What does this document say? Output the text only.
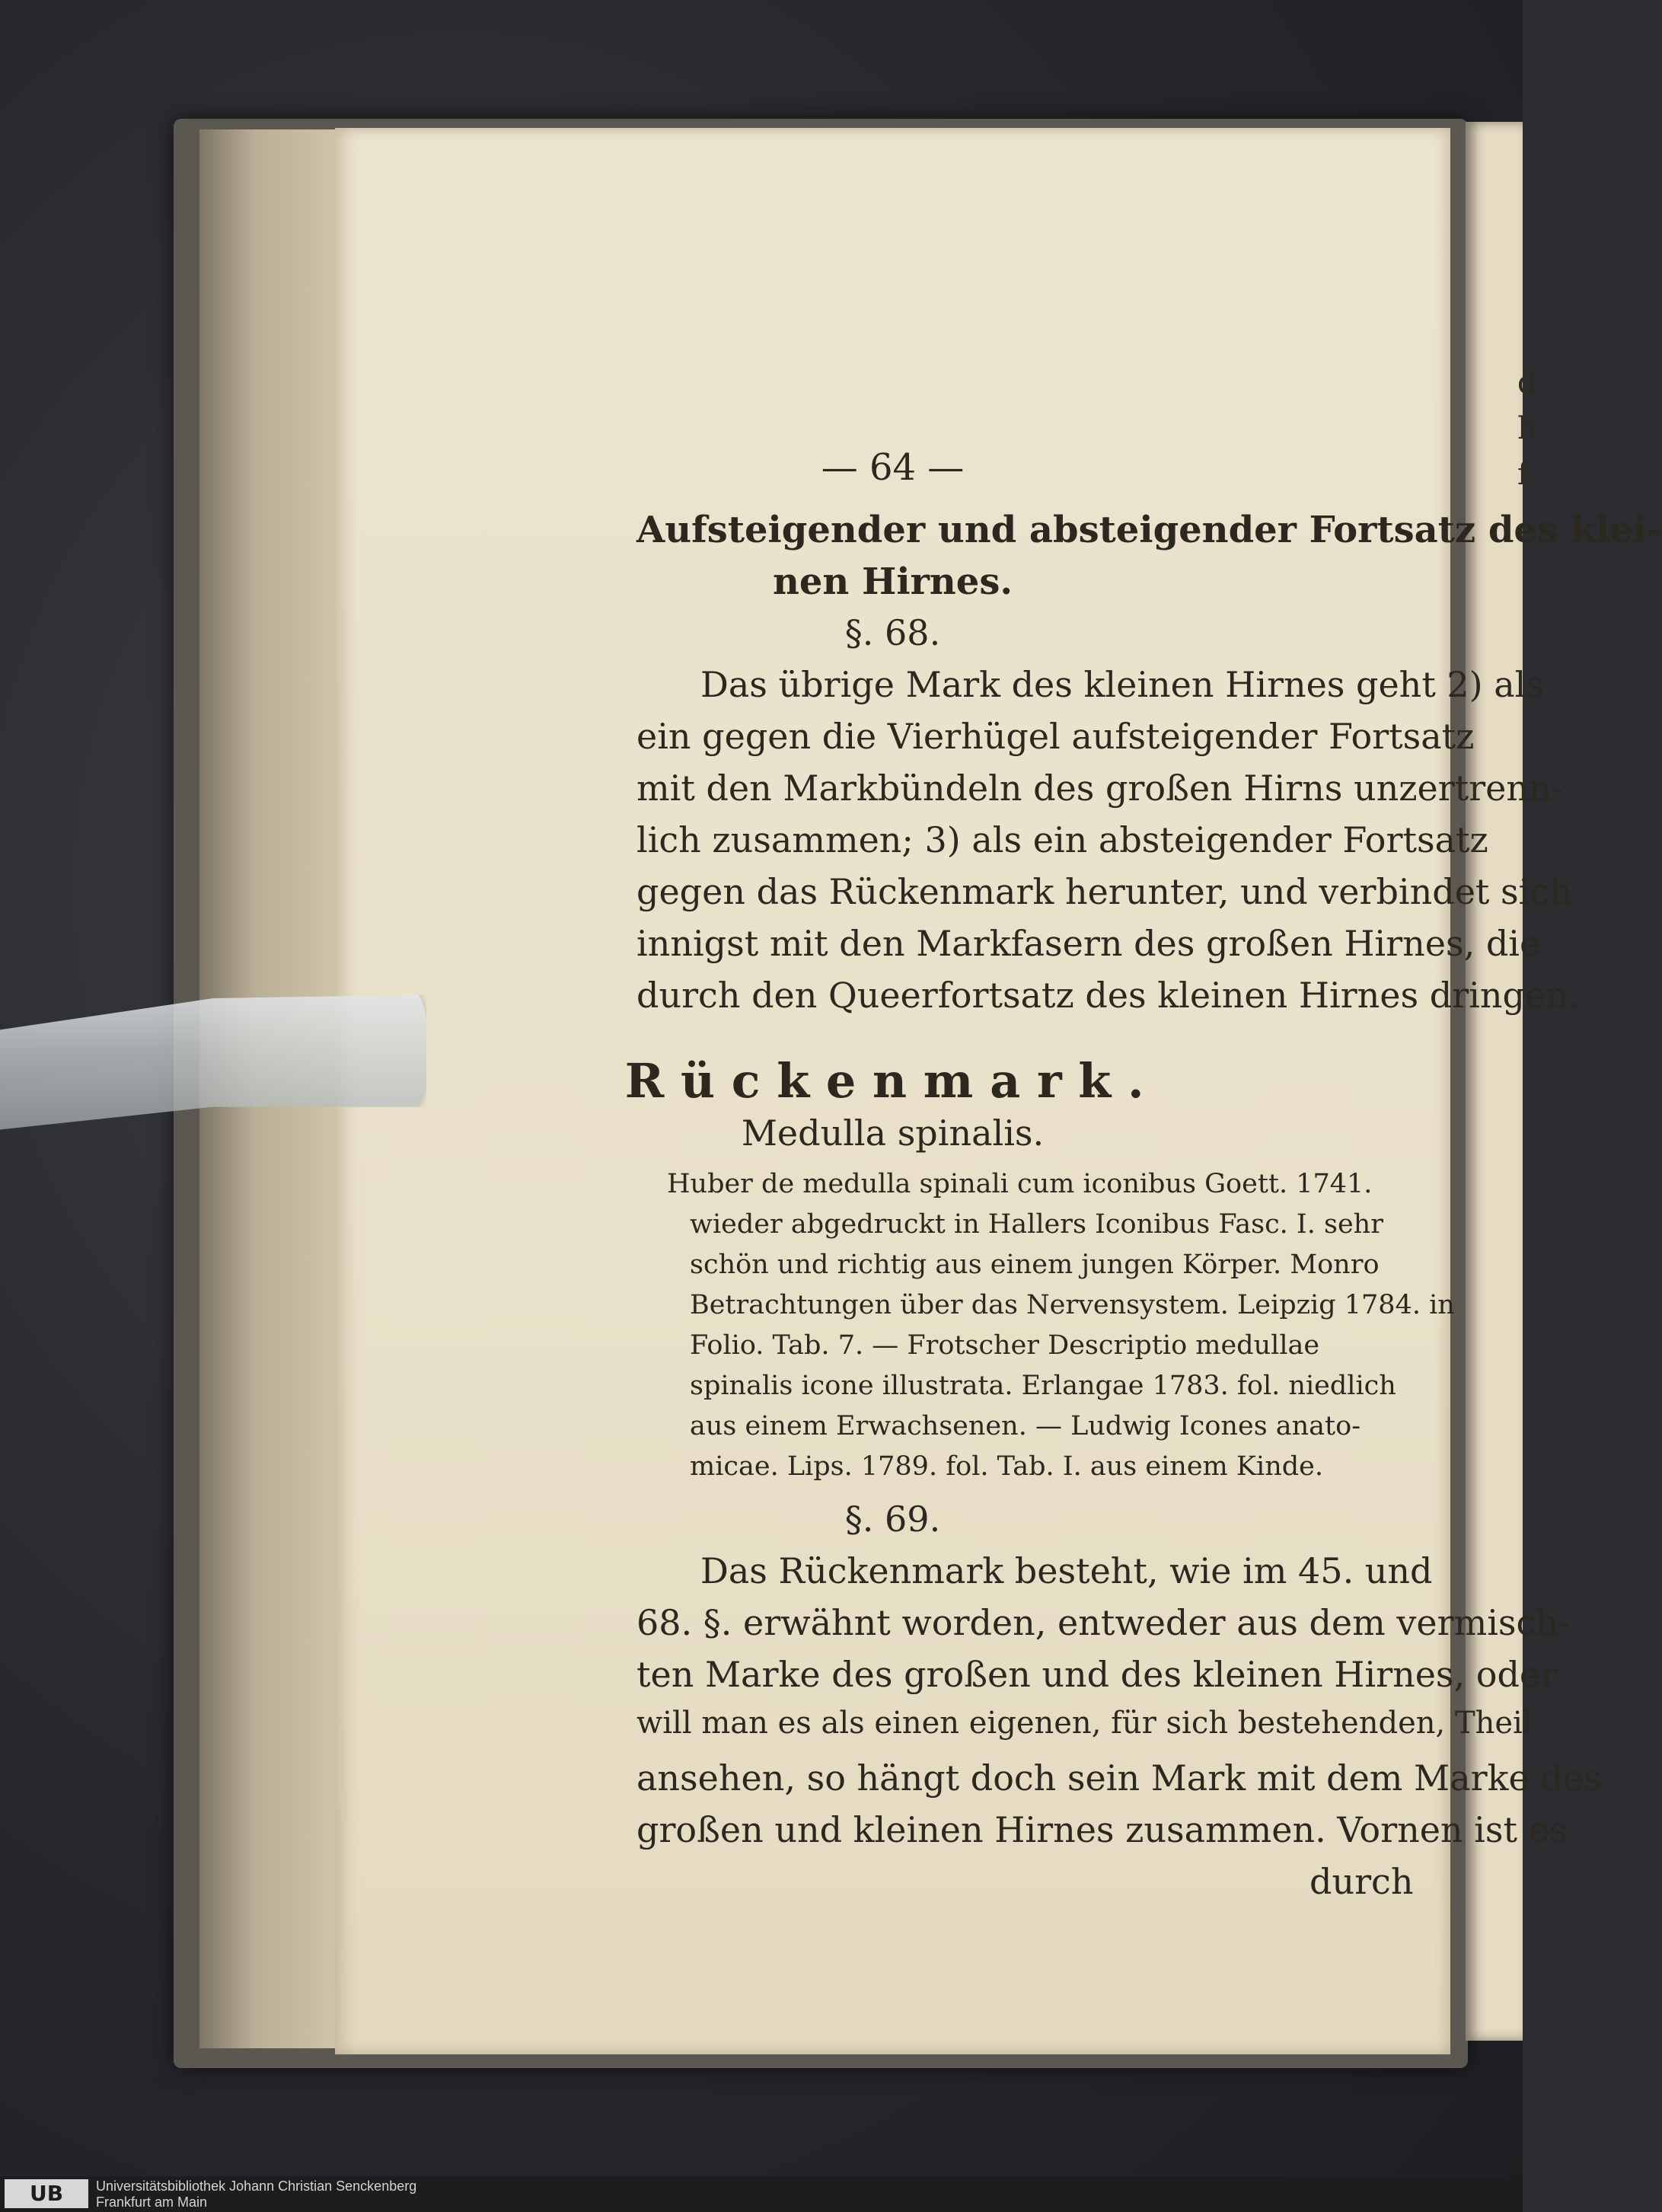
d
h
f
— 64 —
Aufsteigender und absteigender Fortsatz des klei-
nen Hirnes.
§. 68.
Das übrige Mark des kleinen Hirnes geht 2) als
ein gegen die Vierhügel aufsteigender Fortsatz
mit den Markbündeln des großen Hirns unzertrenn-
lich zusammen; 3) als ein absteigender Fortsatz
gegen das Rückenmark herunter, und verbindet sich
innigst mit den Markfasern des großen Hirnes, die
durch den Queerfortsatz des kleinen Hirnes dringen.
Rückenmark.
Medulla spinalis.
Huber de medulla spinali cum iconibus Goett. 1741.
wieder abgedruckt in Hallers Iconibus Fasc. I. sehr
schön und richtig aus einem jungen Körper. Monro
Betrachtungen über das Nervensystem. Leipzig 1784. in
Folio. Tab. 7. — Frotscher Descriptio medullae
spinalis icone illustrata. Erlangae 1783. fol. niedlich
aus einem Erwachsenen. — Ludwig Icones anato-
micae. Lips. 1789. fol. Tab. I. aus einem Kinde.
§. 69.
Das Rückenmark besteht, wie im 45. und
68. §. erwähnt worden, entweder aus dem vermisch-
ten Marke des großen und des kleinen Hirnes, oder
will man es als einen eigenen, für sich bestehenden, Theil
ansehen, so hängt doch sein Mark mit dem Marke des
großen und kleinen Hirnes zusammen. Vornen ist es
durch
UB	Universitätsbibliothek Johann Christian Senckenberg
Frankfurt am Main
